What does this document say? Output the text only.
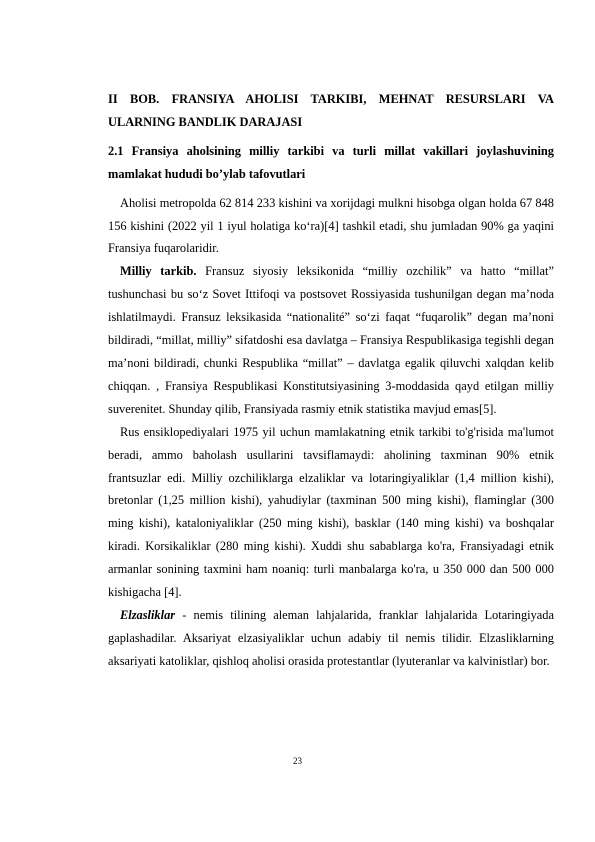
II BOB. FRANSIYA AHOLISI TARKIBI, MEHNAT RESURSLARI VA ULARNING BANDLIK DARAJASI
2.1 Fransiya aholsining milliy tarkibi va turli millat vakillari joylashuvining mamlakat hududi bo’ylab tafovutlari

Aholisi metropolda 62 814 233 kishini va xorijdagi mulkni hisobga olgan holda 67 848 156 kishini (2022 yil 1 iyul holatiga ko‘ra)[4] tashkil etadi, shu jumladan 90% ga yaqini Fransiya fuqarolaridir.

Milliy tarkib. Fransuz siyosiy leksikonida “milliy ozchilik” va hatto “millat” tushunchasi bu so‘z Sovet Ittifoqi va postsovet Rossiyasida tushunilgan degan ma’noda ishlatilmaydi. Fransuz leksikasida “nationalité” so‘zi faqat “fuqarolik” degan ma’noni bildiradi, “millat, milliy” sifatdoshi esa davlatga – Fransiya Respublikasiga tegishli degan ma’noni bildiradi, chunki Respublika “millat” – davlatga egalik qiluvchi xalqdan kelib chiqqan. , Fransiya Respublikasi Konstitutsiyasining 3-moddasida qayd etilgan milliy suverenitet. Shunday qilib, Fransiyada rasmiy etnik statistika mavjud emas[5].

Rus ensiklopediyalari 1975 yil uchun mamlakatning etnik tarkibi to'g'risida ma'lumot beradi, ammo baholash usullarini tavsiflamaydi: aholining taxminan 90% etnik frantsuzlar edi. Milliy ozchiliklarga elzaliklar va lotaringiyaliklar (1,4 million kishi), bretonlar (1,25 million kishi), yahudiylar (taxminan 500 ming kishi), flaminglar (300 ming kishi), kataloniyaliklar (250 ming kishi), basklar (140 ming kishi) va boshqalar kiradi. Korsikaliklar (280 ming kishi). Xuddi shu sabablarga ko'ra, Fransiyadagi etnik armanlar sonining taxmini ham noaniq: turli manbalarga ko'ra, u 350 000 dan 500 000 kishigacha [4].

Elzasliklar - nemis tilining aleman lahjalarida, franklar lahjalarida Lotaringiyada gaplashadilar. Aksariyat elzasiyaliklar uchun adabiy til nemis tilidir. Elzasliklarning aksariyati katoliklar, qishloq aholisi orasida protestantlar (lyuteranlar va kalvinistlar) bor.

23
